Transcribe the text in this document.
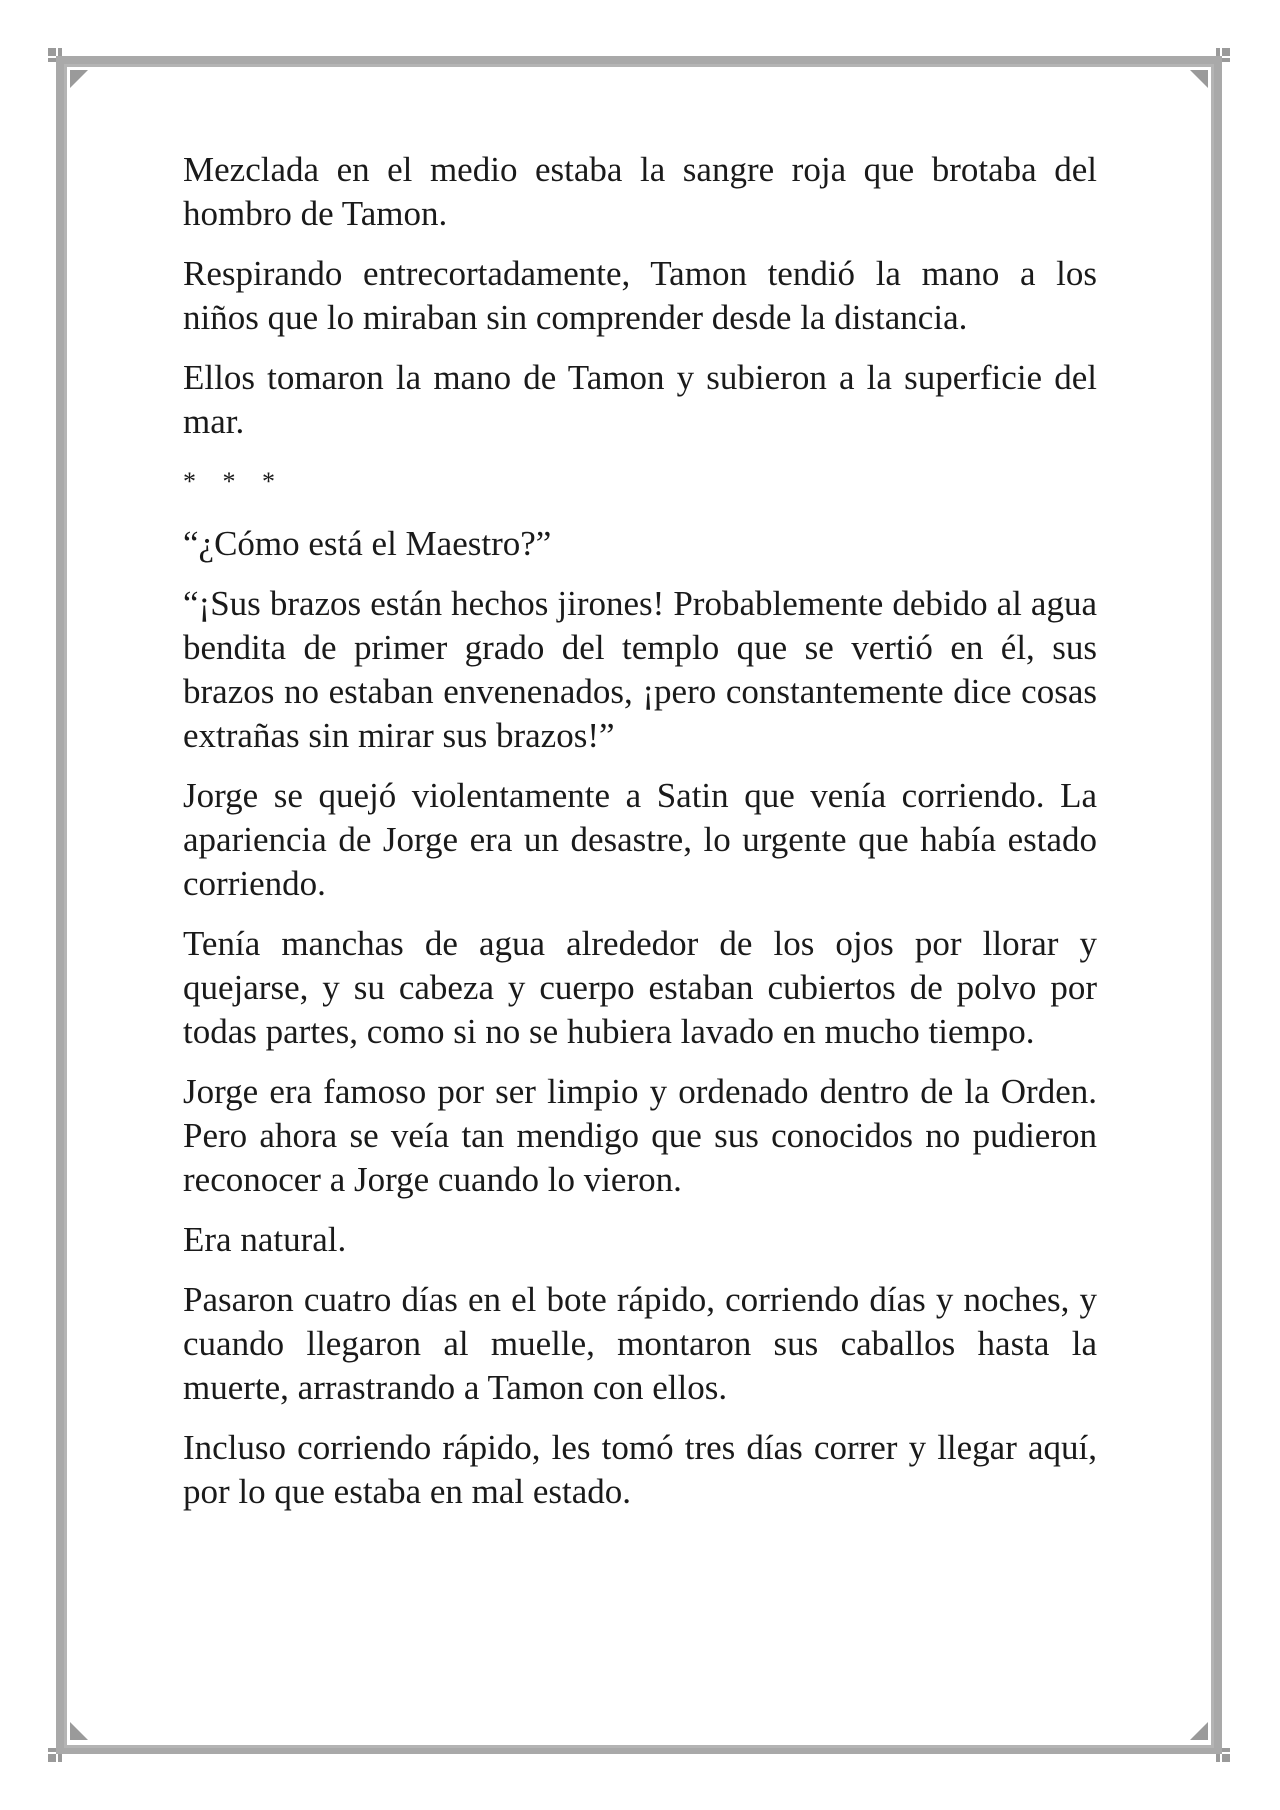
Mezclada en el medio estaba la sangre roja que brotaba del hombro de Tamon.

Respirando entrecortadamente, Tamon tendió la mano a los niños que lo miraban sin comprender desde la distancia.

Ellos tomaron la mano de Tamon y subieron a la superficie del mar.

* * *

“¿Cómo está el Maestro?”

“¡Sus brazos están hechos jirones! Probablemente debido al agua bendita de primer grado del templo que se vertió en él, sus brazos no estaban envenenados, ¡pero constantemente dice cosas extrañas sin mirar sus brazos!”

Jorge se quejó violentamente a Satin que venía corriendo. La apariencia de Jorge era un desastre, lo urgente que había estado corriendo.

Tenía manchas de agua alrededor de los ojos por llorar y quejarse, y su cabeza y cuerpo estaban cubiertos de polvo por todas partes, como si no se hubiera lavado en mucho tiempo.

Jorge era famoso por ser limpio y ordenado dentro de la Orden. Pero ahora se veía tan mendigo que sus conocidos no pudieron reconocer a Jorge cuando lo vieron.

Era natural.

Pasaron cuatro días en el bote rápido, corriendo días y noches, y cuando llegaron al muelle, montaron sus caballos hasta la muerte, arrastrando a Tamon con ellos.

Incluso corriendo rápido, les tomó tres días correr y llegar aquí, por lo que estaba en mal estado.
